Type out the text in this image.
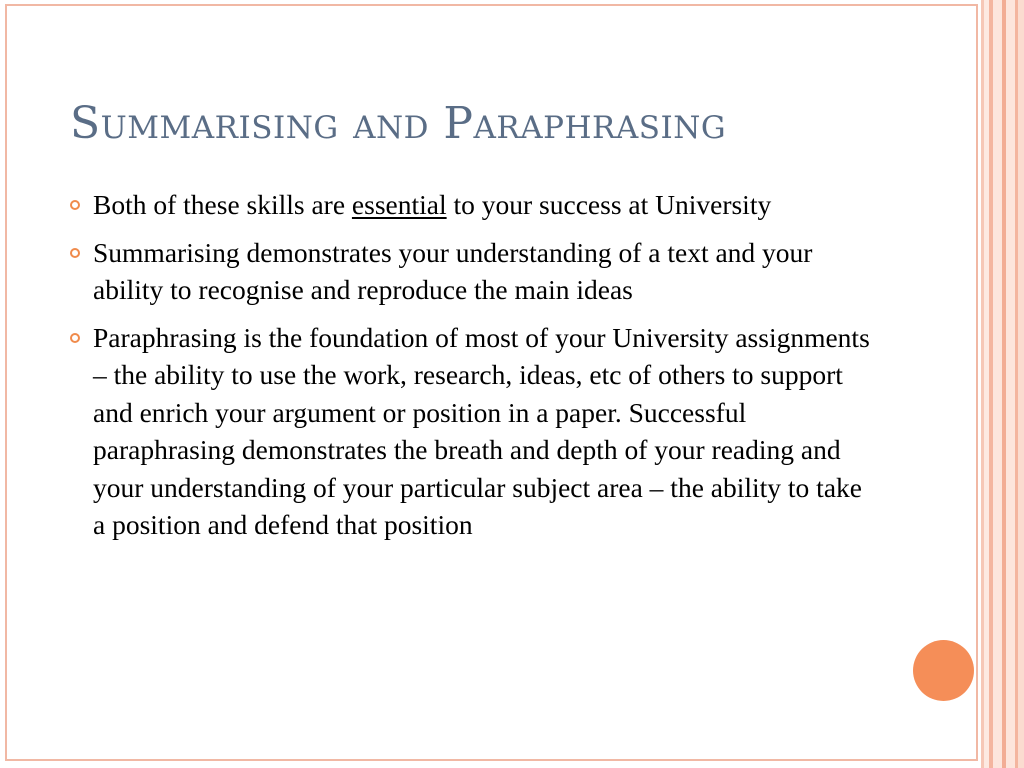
Summarising and Paraphrasing
Both of these skills are essential to your success at University
Summarising demonstrates your understanding of a text and your ability to recognise and reproduce the main ideas
Paraphrasing is the foundation of most of your University assignments – the ability to use the work, research, ideas, etc of others to support and enrich your argument or position in a paper. Successful paraphrasing demonstrates the breath and depth of your reading and your understanding of your particular subject area – the ability to take a position and defend that position
